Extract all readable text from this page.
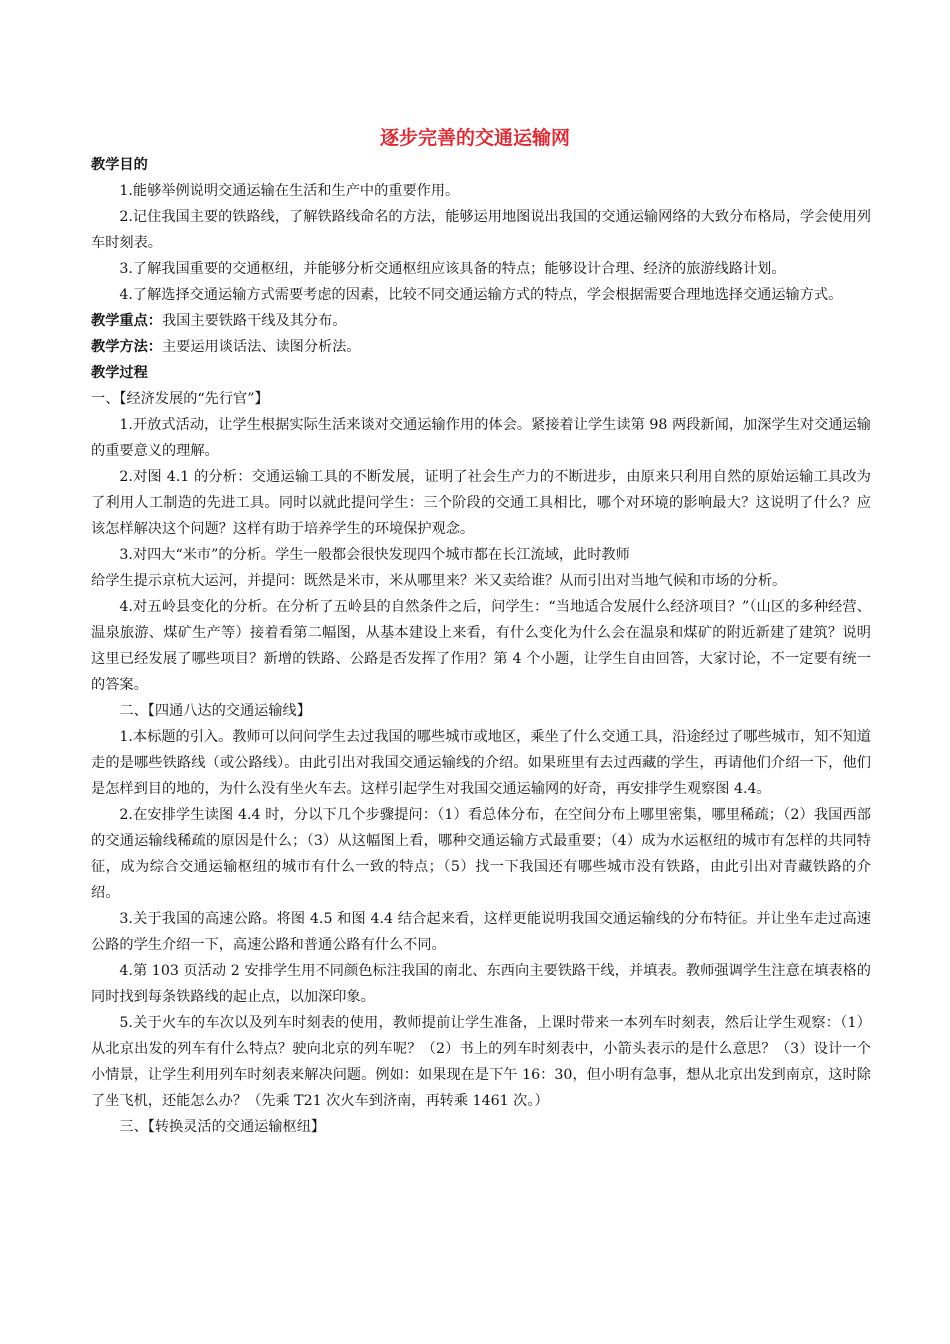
逐步完善的交通运输网

教学目的

1.能够举例说明交通运输在生活和生产中的重要作用。

2.记住我国主要的铁路线，了解铁路线命名的方法，能够运用地图说出我国的交通运输网络的大致分布格局，学会使用列车时刻表。

3.了解我国重要的交通枢纽，并能够分析交通枢纽应该具备的特点；能够设计合理、经济的旅游线路计划。

4.了解选择交通运输方式需要考虑的因素，比较不同交通运输方式的特点，学会根据需要合理地选择交通运输方式。

教学重点：我国主要铁路干线及其分布。

教学方法：主要运用谈话法、读图分析法。

教学过程

一、【经济发展的“先行官”】

1.开放式活动，让学生根据实际生活来谈对交通运输作用的体会。紧接着让学生读第 98 两段新闻，加深学生对交通运输的重要意义的理解。

2.对图 4.1 的分析：交通运输工具的不断发展，证明了社会生产力的不断进步，由原来只利用自然的原始运输工具改为了利用人工制造的先进工具。同时以就此提问学生：三个阶段的交通工具相比，哪个对环境的影响最大？这说明了什么？应该怎样解决这个问题？这样有助于培养学生的环境保护观念。

3.对四大“米市”的分析。学生一般都会很快发现四个城市都在长江流域，此时教师

给学生提示京杭大运河，并提问：既然是米市，米从哪里来？米又卖给谁？从而引出对当地气候和市场的分析。

4.对五岭县变化的分析。在分析了五岭县的自然条件之后，问学生：“当地适合发展什么经济项目？”（山区的多种经营、温泉旅游、煤矿生产等）接着看第二幅图，从基本建设上来看，有什么变化为什么会在温泉和煤矿的附近新建了建筑？说明这里已经发展了哪些项目？新增的铁路、公路是否发挥了作用？第 4 个小题，让学生自由回答，大家讨论，不一定要有统一的答案。

二、【四通八达的交通运输线】

1.本标题的引入。教师可以问问学生去过我国的哪些城市或地区，乘坐了什么交通工具，沿途经过了哪些城市，知不知道走的是哪些铁路线（或公路线）。由此引出对我国交通运输线的介绍。如果班里有去过西藏的学生，再请他们介绍一下，他们是怎样到目的地的，为什么没有坐火车去。这样引起学生对我国交通运输网的好奇，再安排学生观察图 4.4。

2.在安排学生读图 4.4 时，分以下几个步骤提问：（1）看总体分布，在空间分布上哪里密集，哪里稀疏；（2）我国西部的交通运输线稀疏的原因是什么；（3）从这幅图上看，哪种交通运输方式最重要；（4）成为水运枢纽的城市有怎样的共同特征，成为综合交通运输枢纽的城市有什么一致的特点；（5）找一下我国还有哪些城市没有铁路，由此引出对青藏铁路的介绍。

3.关于我国的高速公路。将图 4.5 和图 4.4 结合起来看，这样更能说明我国交通运输线的分布特征。并让坐车走过高速公路的学生介绍一下，高速公路和普通公路有什么不同。

4.第 103 页活动 2 安排学生用不同颜色标注我国的南北、东西向主要铁路干线，并填表。教师强调学生注意在填表格的同时找到每条铁路线的起止点，以加深印象。

5.关于火车的车次以及列车时刻表的使用，教师提前让学生准备，上课时带来一本列车时刻表，然后让学生观察：（1）从北京出发的列车有什么特点？驶向北京的列车呢？（2）书上的列车时刻表中，小箭头表示的是什么意思？（3）设计一个小情景，让学生利用列车时刻表来解决问题。例如：如果现在是下午 16：30，但小明有急事，想从北京出发到南京，这时除了坐飞机，还能怎么办？（先乘 T21 次火车到济南，再转乘 1461 次。）

三、【转换灵活的交通运输枢纽】
